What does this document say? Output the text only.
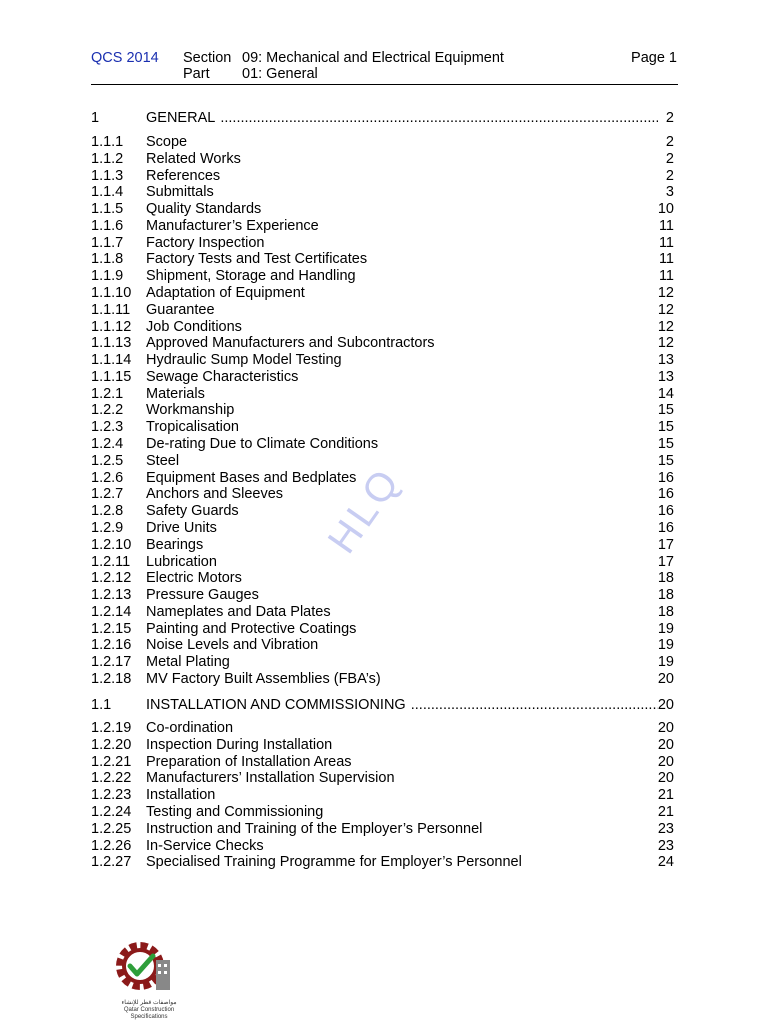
QCS 2014 Section 09: Mechanical and Electrical Equipment
Part 01: General
Page 1
1	GENERAL .....	2
1.1.1 Scope	2
1.1.2 Related Works	2
1.1.3 References	2
1.1.4 Submittals	3
1.1.5 Quality Standards	10
1.1.6 Manufacturer’s Experience	11
1.1.7 Factory Inspection	11
1.1.8 Factory Tests and Test Certificates	11
1.1.9 Shipment, Storage and Handling	11
1.1.10 Adaptation of Equipment	12
1.1.11 Guarantee	12
1.1.12 Job Conditions	12
1.1.13 Approved Manufacturers and Subcontractors	12
1.1.14 Hydraulic Sump Model Testing	13
1.1.15 Sewage Characteristics	13
1.2.1 Materials	14
1.2.2 Workmanship	15
1.2.3 Tropicalisation	15
1.2.4 De-rating Due to Climate Conditions	15
1.2.5 Steel	15
1.2.6 Equipment Bases and Bedplates	16
1.2.7 Anchors and Sleeves	16
1.2.8 Safety Guards	16
1.2.9 Drive Units	16
1.2.10 Bearings	17
1.2.11 Lubrication	17
1.2.12 Electric Motors	18
1.2.13 Pressure Gauges	18
1.2.14 Nameplates and Data Plates	18
1.2.15 Painting and Protective Coatings	19
1.2.16 Noise Levels and Vibration	19
1.2.17 Metal Plating	19
1.2.18 MV Factory Built Assemblies (FBA’s)	20
1.1 INSTALLATION AND COMMISSIONING .....	20
1.2.19 Co-ordination	20
1.2.20 Inspection During Installation	20
1.2.21 Preparation of Installation Areas	20
1.2.22 Manufacturers’ Installation Supervision	20
1.2.23 Installation	21
1.2.24 Testing and Commissioning	21
1.2.25 Instruction and Training of the Employer’s Personnel	23
1.2.26 In-Service Checks	23
1.2.27 Specialised Training Programme for Employer’s Personnel	24
HLQ
مواصفات قطر للإنشاء
Qatar Construction Specifications
